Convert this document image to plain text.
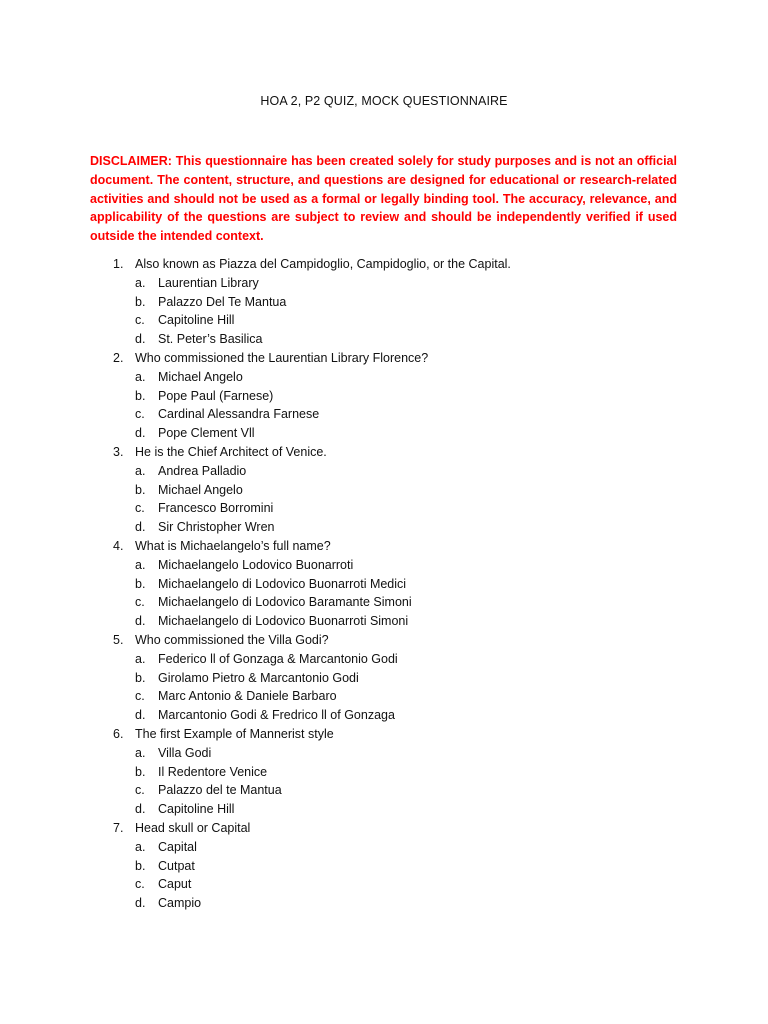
HOA 2, P2 QUIZ, MOCK QUESTIONNAIRE
DISCLAIMER: This questionnaire has been created solely for study purposes and is not an official document. The content, structure, and questions are designed for educational or research-related activities and should not be used as a formal or legally binding tool. The accuracy, relevance, and applicability of the questions are subject to review and should be independently verified if used outside the intended context.
1. Also known as Piazza del Campidoglio, Campidoglio, or the Capital.
a. Laurentian Library
b. Palazzo Del Te Mantua
c. Capitoline Hill
d. St. Peter’s Basilica
2. Who commissioned the Laurentian Library Florence?
a. Michael Angelo
b. Pope Paul (Farnese)
c. Cardinal Alessandra Farnese
d. Pope Clement Vll
3. He is the Chief Architect of Venice.
a. Andrea Palladio
b. Michael Angelo
c. Francesco Borromini
d. Sir Christopher Wren
4. What is Michaelangelo’s full name?
a. Michaelangelo Lodovico Buonarroti
b. Michaelangelo di Lodovico Buonarroti Medici
c. Michaelangelo di Lodovico Baramante Simoni
d. Michaelangelo di Lodovico Buonarroti Simoni
5. Who commissioned the Villa Godi?
a. Federico ll of Gonzaga & Marcantonio Godi
b. Girolamo Pietro & Marcantonio Godi
c. Marc Antonio & Daniele Barbaro
d. Marcantonio Godi & Fredrico ll of Gonzaga
6. The first Example of Mannerist style
a. Villa Godi
b. Il Redentore Venice
c. Palazzo del te Mantua
d. Capitoline Hill
7. Head skull or Capital
a. Capital
b. Cutpat
c. Caput
d. Campio
